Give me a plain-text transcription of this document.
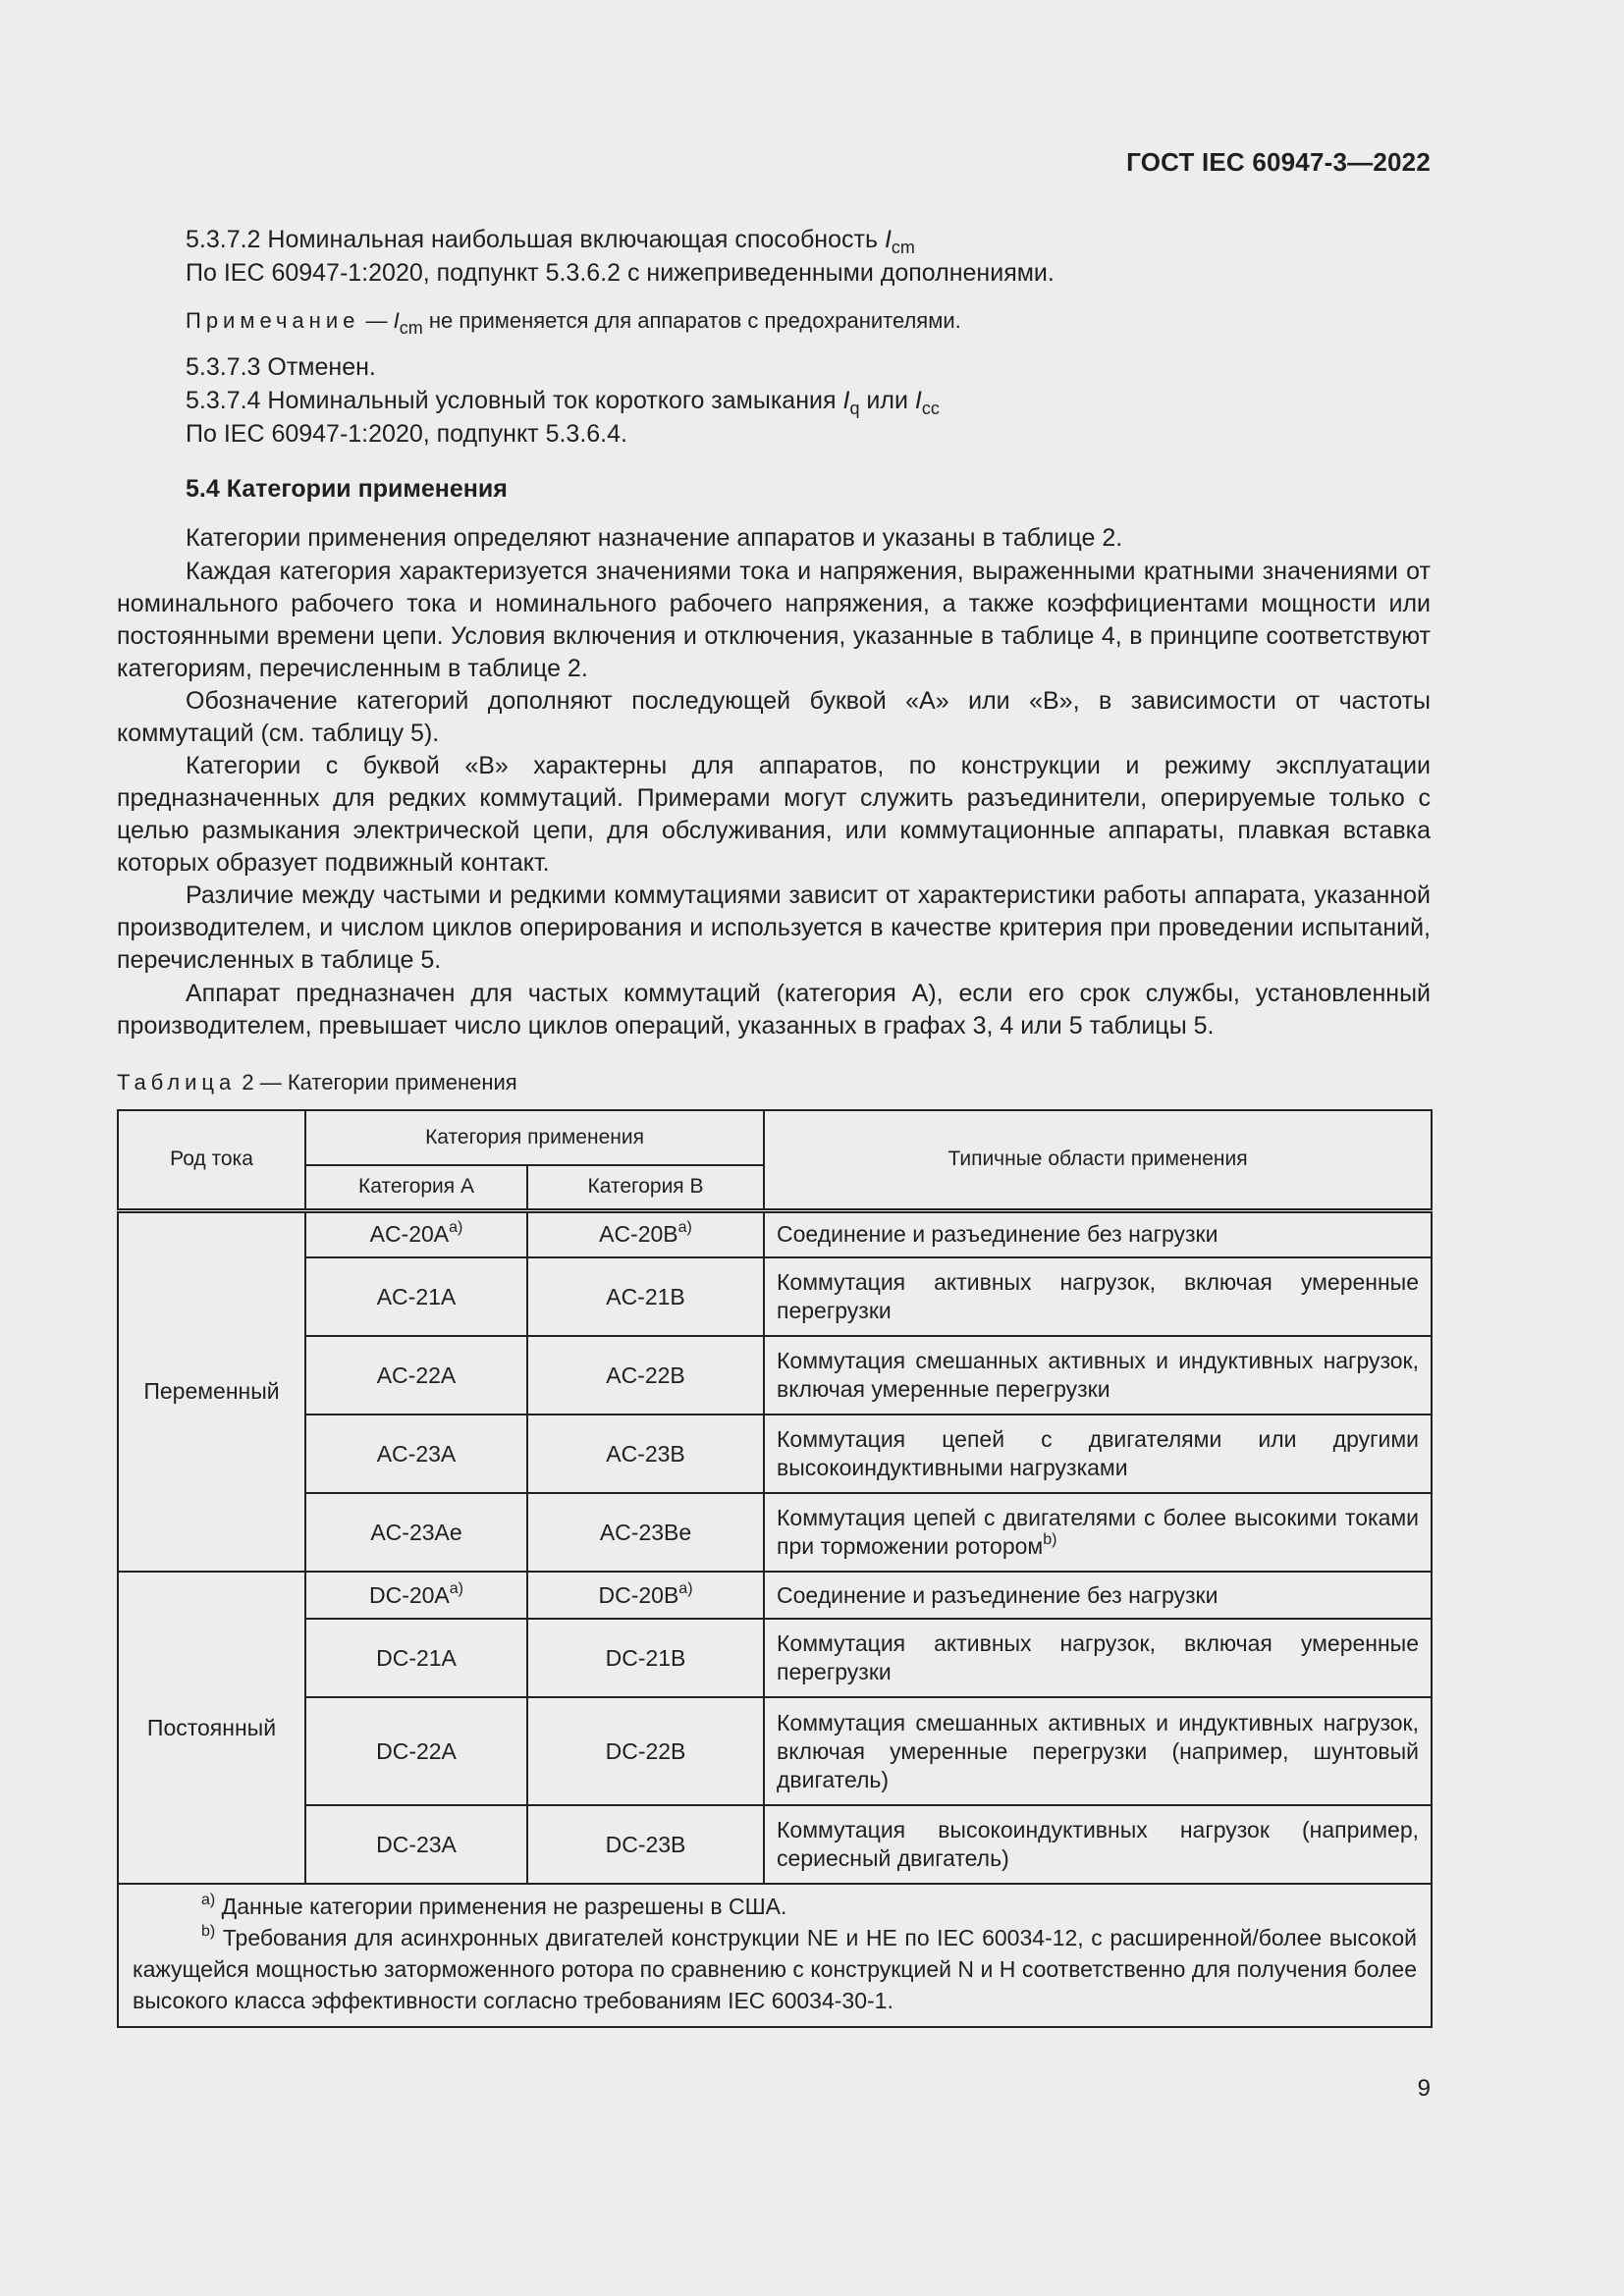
ГОСТ IEC 60947-3—2022
5.3.7.2 Номинальная наибольшая включающая способность $I_{cm}$
По IEC 60947-1:2020, подпункт 5.3.6.2 с нижеприведенными дополнениями.
Примечание — $I_{cm}$ не применяется для аппаратов с предохранителями.
5.3.7.3 Отменен.
5.3.7.4 Номинальный условный ток короткого замыкания $I_q$ или $I_{cc}$
По IEC 60947-1:2020, подпункт 5.3.6.4.
5.4 Категории применения
Категории применения определяют назначение аппаратов и указаны в таблице 2.
Каждая категория характеризуется значениями тока и напряжения, выраженными кратными значениями от номинального рабочего тока и номинального рабочего напряжения, а также коэффициентами мощности или постоянными времени цепи. Условия включения и отключения, указанные в таблице 4, в принципе соответствуют категориям, перечисленным в таблице 2.
Обозначение категорий дополняют последующей буквой «А» или «В», в зависимости от частоты коммутаций (см. таблицу 5).
Категории с буквой «В» характерны для аппаратов, по конструкции и режиму эксплуатации предназначенных для редких коммутаций. Примерами могут служить разъединители, оперируемые только с целью размыкания электрической цепи, для обслуживания, или коммутационные аппараты, плавкая вставка которых образует подвижный контакт.
Различие между частыми и редкими коммутациями зависит от характеристики работы аппарата, указанной производителем, и числом циклов оперирования и используется в качестве критерия при проведении испытаний, перечисленных в таблице 5.
Аппарат предназначен для частых коммутаций (категория А), если его срок службы, установленный производителем, превышает число циклов операций, указанных в графах 3, 4 или 5 таблицы 5.
Таблица 2 — Категории применения
Род тока	Категория применения		Типичные области применения
	Категория А	Категория В	
Переменный	$AC-20A^{a)}$	$AC-20B^{a)}$	Соединение и разъединение без нагрузки
	AC-21A	AC-21B	Коммутация активных нагрузок, включая умеренные перегрузки
	AC-22A	AC-22B	Коммутация смешанных активных и индуктивных нагрузок, включая умеренные перегрузки
	AC-23A	AC-23B	Коммутация цепей с двигателями или другими высокоиндуктивными нагрузками
	AC-23Ae	AC-23Be	Коммутация цепей с двигателями с более высокими токами при торможении ротором$^{b)}$
Постоянный	$DC-20A^{a)}$	$DC-20B^{a)}$	Соединение и разъединение без нагрузки
	DC-21A	DC-21B	Коммутация активных нагрузок, включая умеренные перегрузки
	DC-22A	DC-22B	Коммутация смешанных активных и индуктивных нагрузок, включая умеренные перегрузки (например, шунтовый двигатель)
	DC-23A	DC-23B	Коммутация высокоиндуктивных нагрузок (например, сериесный двигатель)

$^{a)}$ Данные категории применения не разрешены в США.
$^{b)}$ Требования для асинхронных двигателей конструкции NE и HE по IEC 60034-12, с расширенной/более высокой кажущейся мощностью заторможенного ротора по сравнению с конструкцией N и H соответственно для получения более высокого класса эффективности согласно требованиям IEC 60034-30-1.			
9
